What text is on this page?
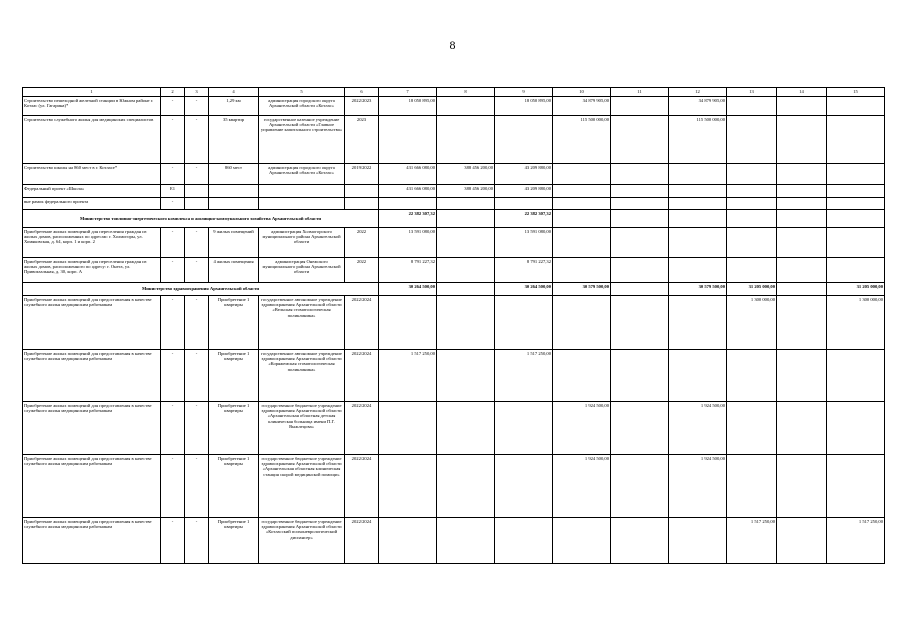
8
1	2	3	4	5	6	7	8	9	10	11	12	13	14	15
Строительство пешеходной железной станции в Южном районе г. Котлас (ул. Гагарина)*	-	-	1,29 км	администрация городского округа Архангельской области «Котлас»	2022/2023	18 050 895,00		18 050 895,00	34 879 905,00		34 879 905,00			
Строительство служебного жилья для медицинских специалистов	-	-	35 квартир	государственное казенное учреждение Архангельской области «Главное управление капитального строительства»	2023				115 500 000,00		115 500 000,00			
Строительство школы на 860 мест в г. Котласе*	-	-	860 мест	администрация городского округа Архангельской области «Котлас»	2019/2022	431 666 080,00	388 456 200,00	43 209 880,00						
Федеральный проект «Школа»	Е1					431 666 080,00	388 456 200,00	43 209 880,00						
вне рамок федерального проекта	-													
Министерство топливно-энергетического комплекса и жилищно-коммунального хозяйства Архангельской области						22 382 307,32		22 382 307,32						
Приобретение жилых помещений для переселения граждан из жилых домов, расположенных по адресам: г. Холмогоры, ул. Хомяковская, д. 64, корп. 1 и корп. 2	-	-	9 жилых помещений	администрация Холмогорского муниципального района Архангельской области	2022	13 591 080,00		13 591 080,00						
Приобретение жилых помещений для переселения граждан из жилых домов, расположенного по адресу: г. Онега, ул. Привокзальная, д. 30, корп. А	-	-	4 жилых помещения	администрация Онежского муниципального района Архангельской области	2022	8 791 227,32		8 791 227,32						
Министерство здравоохранения Архангельской области						30 264 500,00		30 264 500,00	30 579 500,00		30 579 500,00	31 205 000,00		31 205 000,00
Приобретение жилых помещений для предоставления в качестве служебного жилья медицинским работникам	-	-	Приобретение 1 квартиры	государственное автономное учреждение здравоохранения Архангельской области «Вельская стоматологическая поликлиника»	2022/2024							1 300 000,00		1 300 000,00
Приобретение жилых помещений для предоставления в качестве служебного жилья медицинским работникам	-	-	Приобретение 1 квартиры	государственное автономное учреждение здравоохранения Архангельской области «Коряжемская стоматологическая поликлиника»	2022/2024	1 517 250,00		1 517 250,00						
Приобретение жилых помещений для предоставления в качестве служебного жилья медицинским работникам	-	-	Приобретение 1 квартиры	государственное бюджетное учреждение здравоохранения Архангельской области «Архангельская областная детская клиническая больница имени П.Г. Выжлецова»	2022/2024				1 924 500,00		1 924 500,00			
Приобретение жилых помещений для предоставления в качестве служебного жилья медицинским работникам	-	-	Приобретение 1 квартиры	государственное бюджетное учреждение здравоохранения Архангельской области «Архангельская областная клиническая станция скорой медицинской помощи»	2022/2024				1 924 500,00		1 924 500,00			
Приобретение жилых помещений для предоставления в качестве служебного жилья медицинским работникам	-	-	Приобретение 1 квартиры	государственное бюджетное учреждение здравоохранения Архангельской области «Котласский психоневрологический диспансер»	2022/2024							1 517 250,00		1 517 250,00
